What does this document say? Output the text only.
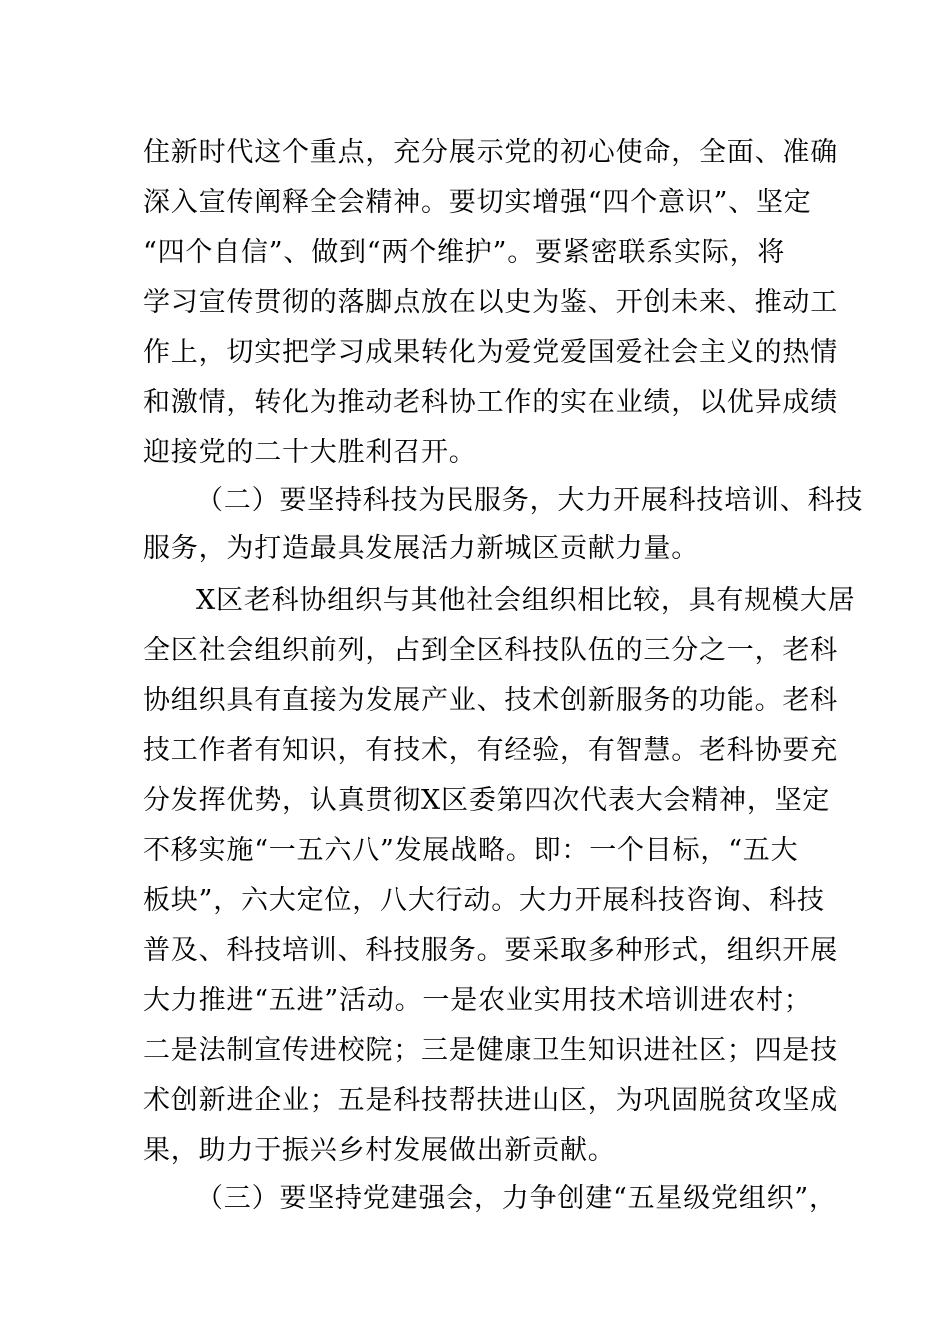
住新时代这个重点，充分展示党的初心使命，全面、准确
深入宣传阐释全会精神。要切实增强“四个意识”、坚定
“四个自信”、做到“两个维护”。要紧密联系实际，将
学习宣传贯彻的落脚点放在以史为鉴、开创未来、推动工
作上，切实把学习成果转化为爱党爱国爱社会主义的热情
和激情，转化为推动老科协工作的实在业绩，以优异成绩
迎接党的二十大胜利召开。
（二）要坚持科技为民服务，大力开展科技培训、科技
服务，为打造最具发展活力新城区贡献力量。
X区老科协组织与其他社会组织相比较，具有规模大居
全区社会组织前列，占到全区科技队伍的三分之一，老科
协组织具有直接为发展产业、技术创新服务的功能。老科
技工作者有知识，有技术，有经验，有智慧。老科协要充
分发挥优势，认真贯彻X区委第四次代表大会精神，坚定
不移实施“一五六八”发展战略。即：一个目标，“五大
板块”，六大定位，八大行动。大力开展科技咨询、科技
普及、科技培训、科技服务。要采取多种形式，组织开展
大力推进“五进”活动。一是农业实用技术培训进农村；
二是法制宣传进校院；三是健康卫生知识进社区；四是技
术创新进企业；五是科技帮扶进山区，为巩固脱贫攻坚成
果，助力于振兴乡村发展做出新贡献。
（三）要坚持党建强会，力争创建“五星级党组织”，
